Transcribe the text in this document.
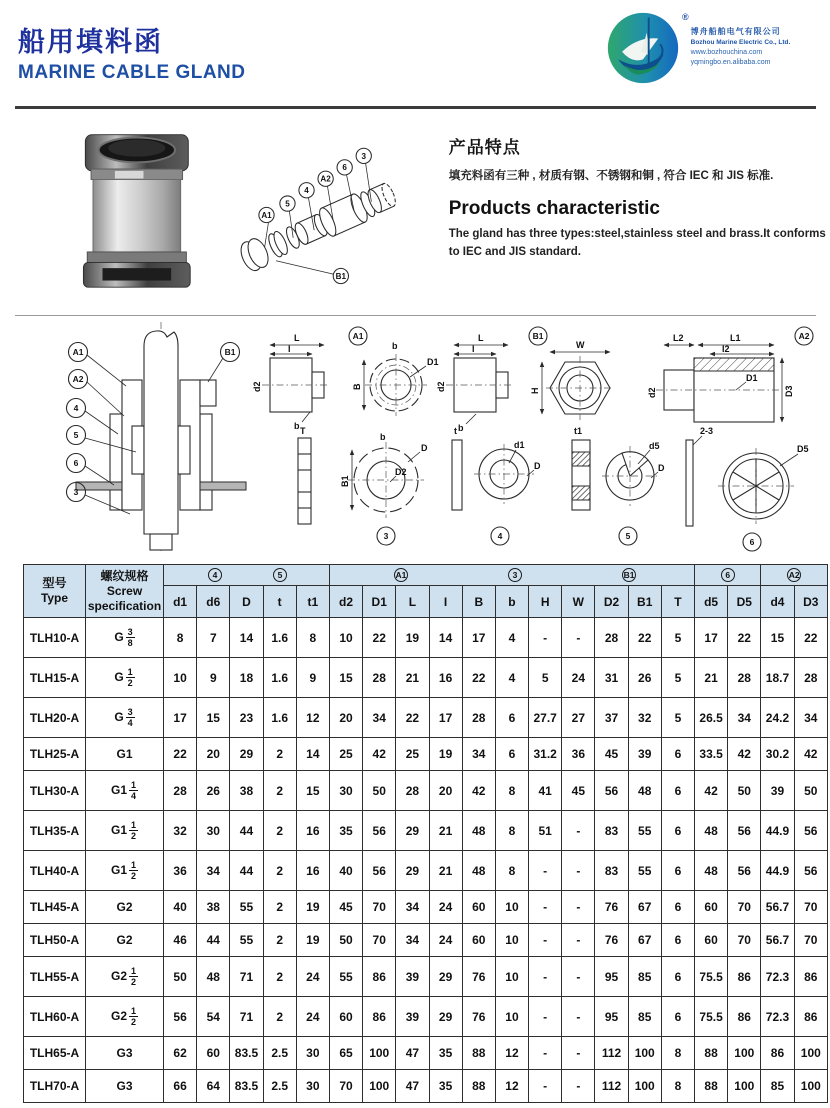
船用填料函
MARINE CABLE GLAND
®
博舟船舶电气有限公司
Bozhou Marine Electric Co., Ltd.
www.bozhouchina.com
yqmingbo.en.alibaba.com
A1
5
4
A2
6
3
B1
产品特点
填充料函有三种 , 材质有钢、不锈钢和铜 , 符合 IEC 和 JIS 标准.
Products characteristic
The gland has three types:steel,stainless steel and brass.It conforms to IEC and JIS standard.
A1
A2
4
5
6
3
B1
A1
L
I
d2
b
B
b
D1
T
B1
b
D
D2
3
B1
L
I
d2
b
W
H
t
d1
D
4
t1
d5
D
5
A2
L2	L1
I2
d2
D1
D3
2-3
D5
6
型号
Type	螺纹规格
Screw
specification	4 5					A1 3 B1											6		A2	

		d1	d6	D	t	t1	d2	D1	L	I	B	b	H	W	D2	B1	T	d5	D5	d4	D3
TLH10-A	G $\frac{3}{8}$	8	7	14	1.6	8	10	22	19	14	17	4	-	-	28	22	5	17	22	15	22
TLH15-A	G $\frac{1}{2}$	10	9	18	1.6	9	15	28	21	16	22	4	5	24	31	26	5	21	28	18.7	28
TLH20-A	G $\frac{3}{4}$	17	15	23	1.6	12	20	34	22	17	28	6	27.7	27	37	32	5	26.5	34	24.2	34
TLH25-A	G1	22	20	29	2	14	25	42	25	19	34	6	31.2	36	45	39	6	33.5	42	30.2	42
TLH30-A	$G1 \frac{1}{4}$	28	26	38	2	15	30	50	28	20	42	8	41	45	56	48	6	42	50	39	50
TLH35-A	$G1 \frac{1}{2}$	32	30	44	2	16	35	56	29	21	48	8	51	-	83	55	6	48	56	44.9	56
TLH40-A	$G1 \frac{1}{2}$	36	34	44	2	16	40	56	29	21	48	8	-	-	83	55	6	48	56	44.9	56
TLH45-A	G2	40	38	55	2	19	45	70	34	24	60	10	-	-	76	67	6	60	70	56.7	70
TLH50-A	G2	46	44	55	2	19	50	70	34	24	60	10	-	-	76	67	6	60	70	56.7	70
TLH55-A	$G2 \frac{1}{2}$	50	48	71	2	24	55	86	39	29	76	10	-	-	95	85	6	75.5	86	72.3	86
TLH60-A	$G2 \frac{1}{2}$	56	54	71	2	24	60	86	39	29	76	10	-	-	95	85	6	75.5	86	72.3	86
TLH65-A	G3	62	60	83.5	2.5	30	65	100	47	35	88	12	-	-	112	100	8	88	100	86	100
TLH70-A	G3	66	64	83.5	2.5	30	70	100	47	35	88	12	-	-	112	100	8	88	100	85	100
